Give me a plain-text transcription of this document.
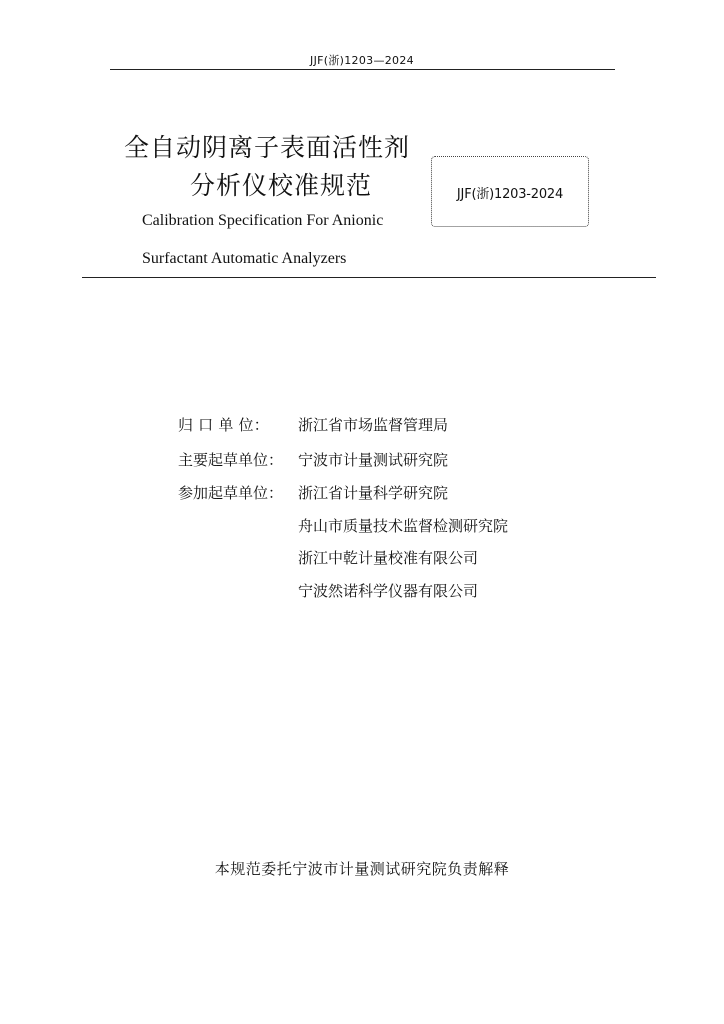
JJF(浙)1203—2024
全自动阴离子表面活性剂
分析仪校准规范
Calibration Specification For Anionic
Surfactant Automatic Analyzers
JJF(浙)1203-2024
归 口 单 位： 浙江省市场监督管理局
主要起草单位： 宁波市计量测试研究院
参加起草单位： 浙江省计量科学研究院
舟山市质量技术监督检测研究院
浙江中乾计量校准有限公司
宁波然诺科学仪器有限公司
本规范委托宁波市计量测试研究院负责解释
